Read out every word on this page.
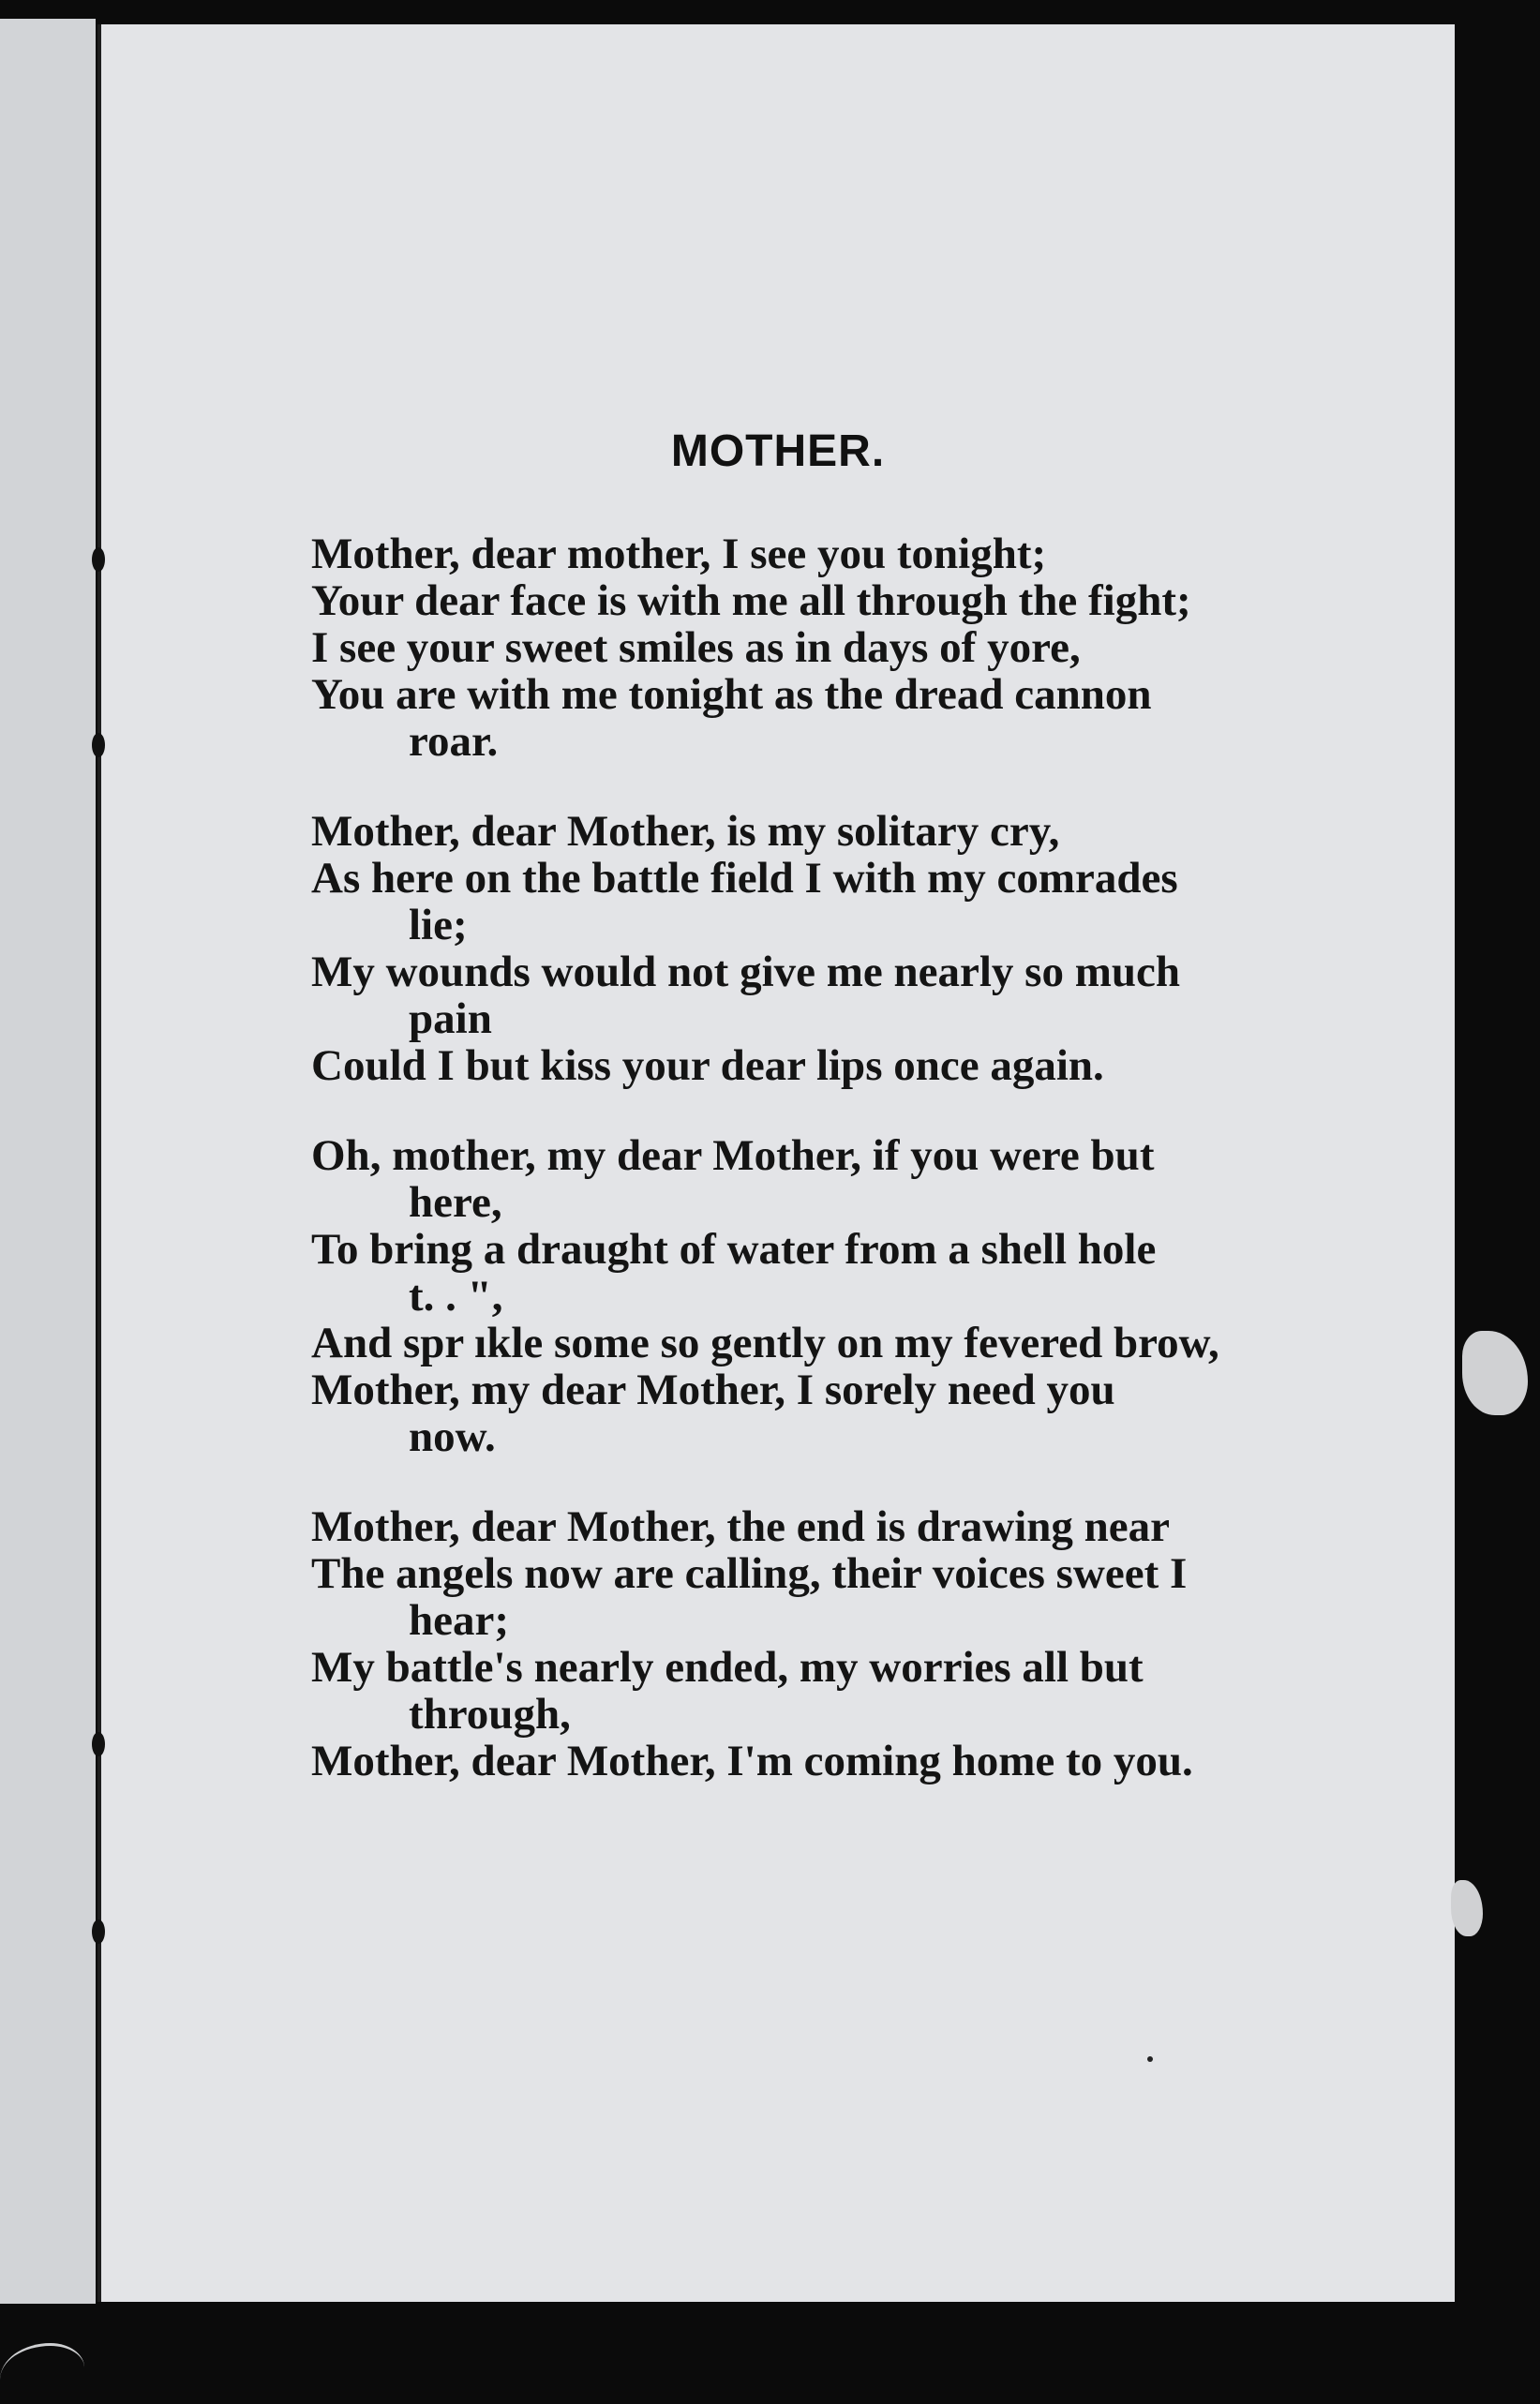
MOTHER.
Mother, dear mother, I see you tonight;
Your dear face is with me all through the fight;
I see your sweet smiles as in days of yore,
You are with me tonight as the dread cannon
roar.
Mother, dear Mother, is my solitary cry,
As here on the battle field I with my comrades
lie;
My wounds would not give me nearly so much
pain
Could I but kiss your dear lips once again.
Oh, mother, my dear Mother, if you were but
here,
To bring a draught of water from a shell hole
t. . ",
And spr ıkle some so gently on my fevered brow,
Mother, my dear Mother, I sorely need you
now.
Mother, dear Mother, the end is drawing near
The angels now are calling, their voices sweet I
hear;
My battle's nearly ended, my worries all but
through,
Mother, dear Mother, I'm coming home to you.
